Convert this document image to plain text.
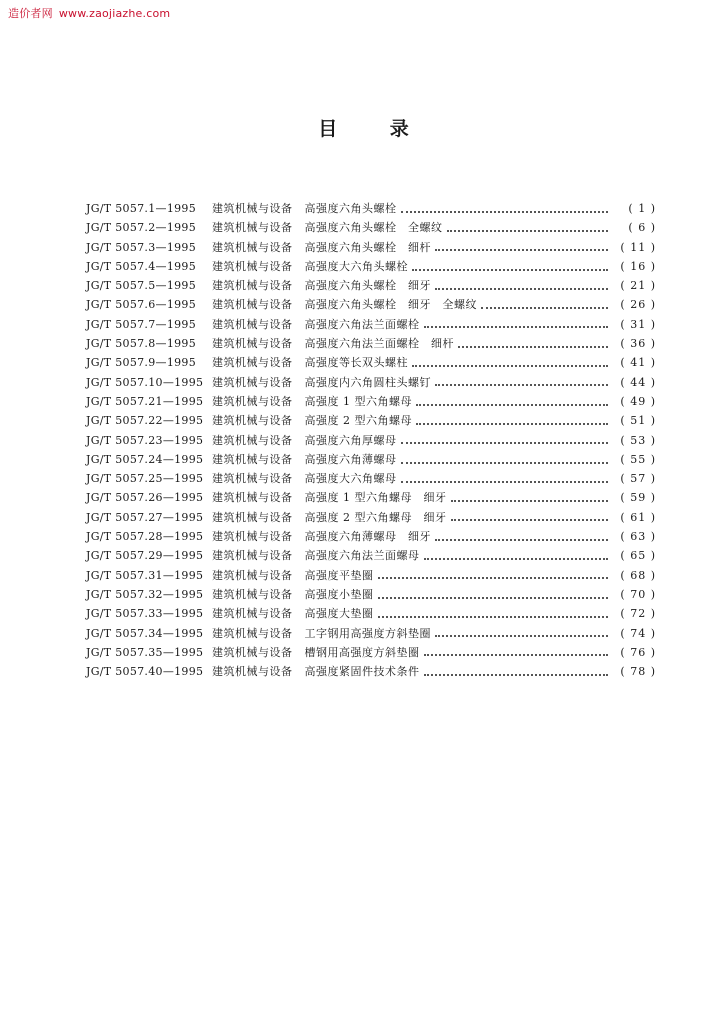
造价者网 www.zaojiazhe.com
目 录
JG/T 5057.1—1995	建筑机械与设备 高强度六角头螺栓	( 1 )
JG/T 5057.2—1995	建筑机械与设备 高强度六角头螺栓　全螺纹	( 6 )
JG/T 5057.3—1995	建筑机械与设备 高强度六角头螺栓　细杆	( 11 )
JG/T 5057.4—1995	建筑机械与设备 高强度大六角头螺栓	( 16 )
JG/T 5057.5—1995	建筑机械与设备 高强度六角头螺栓　细牙	( 21 )
JG/T 5057.6—1995	建筑机械与设备 高强度六角头螺栓　细牙　全螺纹	( 26 )
JG/T 5057.7—1995	建筑机械与设备 高强度六角法兰面螺栓	( 31 )
JG/T 5057.8—1995	建筑机械与设备 高强度六角法兰面螺栓　细杆	( 36 )
JG/T 5057.9—1995	建筑机械与设备 高强度等长双头螺柱	( 41 )
JG/T 5057.10—1995 建筑机械与设备 高强度内六角圆柱头螺钉	( 44 )
JG/T 5057.21—1995 建筑机械与设备 高强度 1 型六角螺母	( 49 )
JG/T 5057.22—1995 建筑机械与设备 高强度 2 型六角螺母	( 51 )
JG/T 5057.23—1995 建筑机械与设备 高强度六角厚螺母	( 53 )
JG/T 5057.24—1995 建筑机械与设备 高强度六角薄螺母	( 55 )
JG/T 5057.25—1995 建筑机械与设备 高强度大六角螺母	( 57 )
JG/T 5057.26—1995 建筑机械与设备 高强度 1 型六角螺母　细牙	( 59 )
JG/T 5057.27—1995 建筑机械与设备 高强度 2 型六角螺母　细牙	( 61 )
JG/T 5057.28—1995 建筑机械与设备 高强度六角薄螺母　细牙	( 63 )
JG/T 5057.29—1995 建筑机械与设备 高强度六角法兰面螺母	( 65 )
JG/T 5057.31—1995 建筑机械与设备 高强度平垫圈	( 68 )
JG/T 5057.32—1995 建筑机械与设备 高强度小垫圈	( 70 )
JG/T 5057.33—1995 建筑机械与设备 高强度大垫圈	( 72 )
JG/T 5057.34—1995 建筑机械与设备 工字钢用高强度方斜垫圈	( 74 )
JG/T 5057.35—1995 建筑机械与设备 槽钢用高强度方斜垫圈	( 76 )
JG/T 5057.40—1995 建筑机械与设备 高强度紧固件技术条件	( 78 )
